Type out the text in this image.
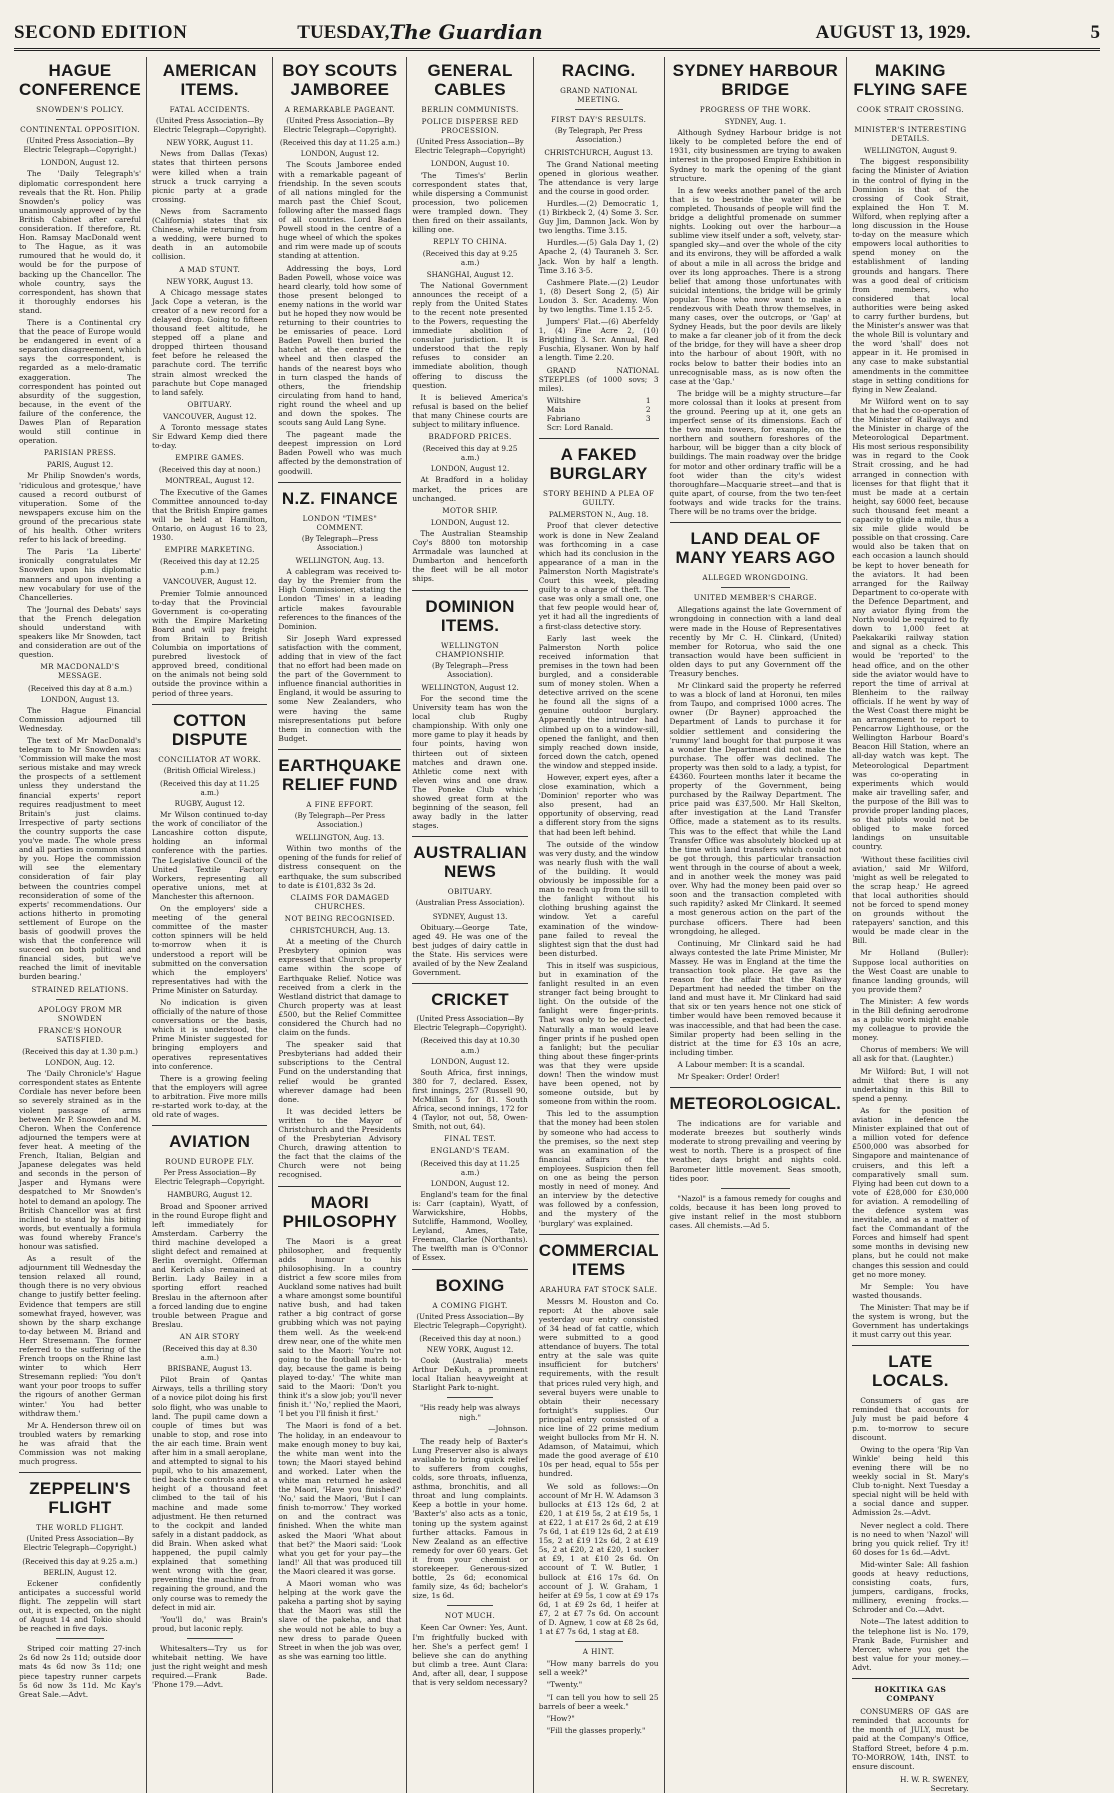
SECOND EDITION	TUESDAY, The Guardian	AUGUST 13, 1929.	5
HAGUE CONFERENCE
SNOWDEN'S POLICY.
CONTINENTAL OPPOSITION.
(United Press Association—By Electric Telegraph—Copyright.)
LONDON, August 12.

The 'Daily Telegraph's' diplomatic correspondent here reveals that the Rt. Hon. Philip Snowden's policy was unanimously approved of by the British Cabinet after careful consideration. If therefore, Rt. Hon. Ramsay MacDonald went to The Hague, as it was rumoured that he would do, it would be for the purpose of backing up the Chancellor. The whole country, says the correspondent, has shown that it thoroughly endorses his stand.

There is a Continental cry that the peace of Europe would be endangered in event of a separation disagreement, which says the correspondent, is regarded as a melo-dramatic exaggeration. The correspondent has pointed out absurdity of the suggestion, because, in the event of the failure of the conference, the Dawes Plan of Reparation would still continue in operation.

PARISIAN PRESS.
PARIS, August 12.

Mr Philip Snowden's words, 'ridiculous and grotesque,' have caused a record outburst of vituperation. Some of the newspapers excuse him on the ground of the precarious state of his health. Other writers refer to his lack of breeding.

The Paris 'La Liberte' ironically congratulates Mr Snowden upon his diplomatic manners and upon inventing a new vocabulary for use of the Chancelleries.

The 'Journal des Debats' says that the French delegation should understand with speakers like Mr Snowden, tact and consideration are out of the question.

MR MACDONALD'S MESSAGE.
(Received this day at 8 a.m.)
LONDON, August 13.

The Hague Financial Commission adjourned till Wednesday.

The text of Mr MacDonald's telegram to Mr Snowden was: 'Commission will make the most serious mistake and may wreck the prospects of a settlement unless they understand the financial experts' report requires readjustment to meet Britain's just claims. Irrespective of party sections the country supports the case you've made. The whole press and all parties in common stand by you. Hope the commission will see the elementary consideration of fair play between the countries compel reconsideration of some of the experts' recommendations. Our actions hitherto in promoting settlement of Europe on the basis of goodwill proves the wish that the conference will succeed on both political and financial sides, but we've reached the limit of inevitable burden bearing.'

STRAINED RELATIONS.
APOLOGY FROM MR SNOWDEN
FRANCE'S HONOUR SATISFIED.
(Received this day at 1.30 p.m.)
LONDON, Aug. 12.

The 'Daily Chronicle's' Hague correspondent states as Entente Cordiale has never before been so severely strained as in the violent passage of arms between Mr P. Snowden and M. Cheron. When the Conference adjourned the tempers were at fever heat. A meeting of the French, Italian, Belgian and Japanese delegates was held and seconds in the person of Jasper and Hymans were despatched to Mr Snowden's hotel to demand an apology. The British Chancellor was at first inclined to stand by his biting words, but eventually a formula was found whereby France's honour was satisfied.

As a result of the adjournment till Wednesday the tension relaxed all round, though there is no very obvious change to justify better feeling. Evidence that tempers are still somewhat frayed, however, was shown by the sharp exchange to-day between M. Briand and Herr Stresemann. The former referred to the suffering of the French troops on the Rhine last winter to which Herr Stresemann replied: 'You don't want your poor troops to suffer the rigours of another German winter.' You had better withdraw them.'

Mr A. Henderson threw oil on troubled waters by remarking he was afraid that the Commission was not making much progress.

ZEPPELIN'S FLIGHT
THE WORLD FLIGHT.
(United Press Association—By Electric Telegraph—Copyright.)
(Received this day at 9.25 a.m.)
BERLIN, August 12.

Eckener confidently anticipates a successful world flight. The zeppelin will start out, it is expected, on the night of August 14 and Tokio should be reached in five days.

Striped coir matting 27-inch 2s 6d now 2s 11d; outside door mats 4s 6d now 3s 11d; one piece tapestry runner carpets 5s 6d now 3s 11d. Mc Kay's Great Sale.—Advt.

AMERICAN ITEMS.
FATAL ACCIDENTS.
(United Press Association—By Electric Telegraph—Copyright).
NEW YORK, August 11.

News from Dallas (Texas) states that thirteen persons were killed when a train struck a truck carrying a picnic party at a grade crossing.

News from Sacramento (California) states that six Chinese, while returning from a wedding, were burned to death in an automobile collision.

A MAD STUNT.
NEW YORK, August 13.

A Chicago message states Jack Cope a veteran, is the creator of a new record for a delayed drop. Going to fifteen thousand feet altitude, he stepped off a plane and dropped thirteen thousand feet before he released the parachute cord. The terrific strain almost wrecked the parachute but Cope managed to land safely.

OBITUARY.
VANCOUVER, August 12.

A Toronto message states Sir Edward Kemp died there to-day.

EMPIRE GAMES.
(Received this day at noon.)
MONTREAL, August 12.

The Executive of the Games Committee announced to-day that the British Empire games will be held at Hamilton, Ontario, on August 16 to 23, 1930.

EMPIRE MARKETING.
(Received this day at 12.25 p.m.)
VANCOUVER, August 12.

Premier Tolmie announced to-day that the Provincial Government is co-operating with the Empire Marketing Board and will pay freight from Britain to British Columbia on importations of purebred livestock of approved breed, conditional on the animals not being sold outside the province within a period of three years.

COTTON DISPUTE
CONCILIATOR AT WORK.
(British Official Wireless.)
(Received this day at 11.25 a.m.)
RUGBY, August 12.

Mr Wilson continued to-day the work of conciliator of the Lancashire cotton dispute, holding an informal conference with the parties. The Legislative Council of the United Textile Factory Workers, representing all operative unions, met at Manchester this afternoon.

On the employers' side a meeting of the general committee of the master cotton spinners will be held to-morrow when it is understood a report will be submitted on the conversation which the employers' representatives had with the Prime Minister on Saturday.

No indication is given officially of the nature of those conversations or the basis, which it is understood, the Prime Minister suggested for bringing employers and operatives representatives into conference.

There is a growing feeling that the employers will agree to arbitration. Five more mills re-started work to-day, at the old rate of wages.

AVIATION
ROUND EUROPE FLY.
Per Press Association—By Electric Telegraph—Copyright.
HAMBURG, August 12.

Broad and Spooner arrived in the round Europe flight and left immediately for Amsterdam. Carberry the third machine developed a slight defect and remained at Berlin overnight. Offerman and Kerich also remained at Berlin. Lady Bailey in a sporting effort reached Breslau in the afternoon after a forced landing due to engine trouble between Prague and Breslau.

AN AIR STORY
(Received this day at 8.30 a.m.)
BRISBANE, August 13.

Pilot Brain of Qantas Airways, tells a thrilling story of a novice pilot doing his first solo flight, who was unable to land. The pupil came down a couple of times but was unable to stop, and rose into the air each time. Brain went after him in a small aeroplane, and attempted to signal to his pupil, who to his amazement, tied back the controls and at a height of a thousand feet climbed to the tail of his machine and made some adjustment. He then returned to the cockpit and landed safely in a distant paddock, as did Brain. When asked what happened, the pupil calmly explained that something went wrong with the gear, preventing the machine from regaining the ground, and the only course was to remedy the defect in mid air.

'You'll do,' was Brain's proud, but laconic reply.

Whitesalters—Try us for whitebait netting. We have just the right weight and mesh required.—Frank Bade. 'Phone 179.—Advt.

BOY SCOUTS JAMBOREE
A REMARKABLE PAGEANT.
(United Press Association—By Electric Telegraph—Copyright).
(Received this day at 11.25 a.m.)
LONDON, August 12.

The Scouts Jamboree ended with a remarkable pageant of friendship. In the seven scouts of all nations mingled for the march past the Chief Scout, following after the massed flags of all countries. Lord Baden Powell stood in the centre of a huge wheel of which the spokes and rim were made up of scouts standing at attention.

Addressing the boys, Lord Baden Powell, whose voice was heard clearly, told how some of those present belonged to enemy nations in the world war but he hoped they now would be returning to their countries to be emissaries of peace. Lord Baden Powell then buried the hatchet at the centre of the wheel and then clasped the hands of the nearest boys who in turn clasped the hands of others, the friendship circulating from hand to hand, right round the wheel and up and down the spokes. The scouts sang Auld Lang Syne.

The pageant made the deepest impression on Lord Baden Powell who was much affected by the demonstration of goodwill.

N.Z. FINANCE
LONDON "TIMES" COMMENT.
(By Telegraph—Press Association.)
WELLINGTON, Aug. 13.

A cablegram was received to-day by the Premier from the High Commissioner, stating the London 'Times' in a leading article makes favourable references to the finances of the Dominion.

Sir Joseph Ward expressed satisfaction with the comment, adding that in view of the fact that no effort had been made on the part of the Government to influence financial authorities in England, it would be assuring to some New Zealanders, who were having the same misrepresentations put before them in connection with the Budget.

EARTHQUAKE RELIEF FUND
A FINE EFFORT.
(By Telegraph—Per Press Association.)
WELLINGTON, Aug. 13.

Within two months of the opening of the funds for relief of distress consequent on the earthquake, the sum subscribed to date is £101,832 3s 2d.

CLAIMS FOR DAMAGED CHURCHES.
NOT BEING RECOGNISED.
CHRISTCHURCH, Aug. 13.

At a meeting of the Church Presbytery opinion was expressed that Church property came within the scope of Earthquake Relief. Notice was received from a clerk in the Westland district that damage to Church property was at least £500, but the Relief Committee considered the Church had no claim on the funds.

The speaker said that Presbyterians had added their subscriptions to the Central Fund on the understanding that relief would be granted wherever damage had been done.

It was decided letters be written to the Mayor of Christchurch and the Presidents of the Presbyterian Advisory Church, drawing attention to the fact that the claims of the Church were not being recognised.

MAORI PHILOSOPHY

The Maori is a great philosopher, and frequently adds humour to his philosophising. In a country district a few score miles from Auckland some natives had built a whare amongst some bountiful native bush, and had taken rather a big contract of gorse grubbing which was not paying them well. As the week-end drew near, one of the white men said to the Maori: 'You're not going to the football match to-day, because the game is being played to-day.' 'The white man said to the Maori: 'Don't you think it's a slow job; you'll never finish it.' 'No,' replied the Maori, 'I bet you I'll finish it first.'

The Maori is fond of a bet. The holiday, in an endeavour to make enough money to buy kai, the white man went into the town; the Maori stayed behind and worked. Later when the white man returned he asked the Maori, 'Have you finished?' 'No,' said the Maori, 'But I can finish to-morrow.' They worked on and the contract was finished. When the white man asked the Maori 'What about that bet?' the Maori said: 'Look what you get for your pay—the land!' All that was produced till the Maori cleared it was gorse.

A Maori woman who was helping at the work gave the pakeha a parting shot by saying that the Maori was still the slave of the pakeha, and that she would not be able to buy a new dress to parade Queen Street in when the job was over, as she was earning too little.

GENERAL CABLES
BERLIN COMMUNISTS.
POLICE DISPERSE RED PROCESSION.
(United Press Association—By Electric Telegraph—Copyright)
LONDON, August 10.

'The Times's' Berlin correspondent states that, while dispersing a Communist procession, two policemen were trampled down. They then fired on their assailants, killing one.

REPLY TO CHINA.
(Received this day at 9.25 a.m.)
SHANGHAI, August 12.

The National Government announces the receipt of a reply from the United States to the recent note presented to the Powers, requesting the immediate abolition of consular jurisdiction. It is understood that the reply refuses to consider an immediate abolition, though offering to discuss the question.

It is believed America's refusal is based on the belief that many Chinese courts are subject to military influence.

BRADFORD PRICES.
(Received this day at 9.25 a.m.)
LONDON, August 12.

At Bradford in a holiday market, the prices are unchanged.

MOTOR SHIP.
LONDON, August 12.

The Australian Steamship Coy's 8800 ton motorship Arrmadale was launched at Dumbarton and henceforth the fleet will be all motor ships.

DOMINION ITEMS.
WELLINGTON CHAMPIONSHIP.
(By Telegraph—Press Association).
WELLINGTON, August 12.

For the second time the University team has won the local club Rugby championship. With only one more game to play it heads by four points, having won thirteen out of sixteen matches and drawn one. Athletic come next with eleven wins and one draw. The Poneke Club which showed great form at the beginning of the season, fell away badly in the latter stages.

AUSTRALIAN NEWS
OBITUARY.
(Australian Press Association).
SYDNEY, August 13.

Obituary.—George Tate, aged 49. He was one of the best judges of dairy cattle in the State. His services were availed of by the New Zealand Government.

CRICKET
(United Press Association—By Electric Telegraph—Copyright).
(Received this day at 10.30 a.m.)
LONDON, August 12.

South Africa, first innings, 380 for 7, declared. Essex, first innings, 257 (Russell 90, McMillan 5 for 81. South Africa, second innings, 172 for 4 (Taylor, not out, 58, Owen-Smith, not out, 64).

FINAL TEST.
ENGLAND'S TEAM.
(Received this day at 11.25 a.m.)
LONDON, August 12.

England's team for the final is: Carr (captain), Wyatt, of Warwickshire, Hobbs, Sutcliffe, Hammond, Woolley, Leyland, Ames, Tate, Freeman, Clarke (Northants). The twelfth man is O'Connor of Essex.

BOXING
A COMING FIGHT.
(United Press Association—By Electric Telegraph—Copyright).
(Received this day at noon.)
NEW YORK, August 12.

Cook (Australia) meets Arthur DeKuh, a prominent local Italian heavyweight at Starlight Park to-night.

"His ready help was always nigh."
—Johnson.

The ready help of Baxter's Lung Preserver also is always available to bring quick relief to sufferers from coughs, colds, sore throats, influenza, asthma, bronchitis, and all throat and lung complaints. Keep a bottle in your home. 'Baxter's' also acts as a tonic, toning up the system against further attacks. Famous in New Zealand as an effective remedy for over 60 years. Get it from your chemist or storekeeper. Generous-sized bottle, 2s 6d; economical family size, 4s 6d; bachelor's size, 1s 6d.

NOT MUCH.

Keen Car Owner: Yes, Aunt. I'm frightfully bucked with her. She's a perfect gem! I believe she can do anything but climb a tree. Aunt Clara: And, after all, dear, I suppose that is very seldom necessary?

RACING.
GRAND NATIONAL MEETING.
FIRST DAY'S RESULTS.
(By Telegraph, Per Press Association.)
CHRISTCHURCH, August 13.

The Grand National meeting opened in glorious weather. The attendance is very large and the course in good order.

Hurdles.—(2) Democratic 1, (1) Birkbeck 2, (4) Some 3. Scr. Guy Jim, Damnon Jack. Won by two lengths. Time 3.15.

Hurdles.—(5) Gala Day 1, (2) Apache 2, (4) Tauraneh 3. Scr. Jack. Won by half a length. Time 3.16 3-5.

Cashmere Plate.—(2) Leudor 1, (8) Desert Song 2, (5) Air Loudon 3. Scr. Academy. Won by two lengths. Time 1.15 2-5.

Jumpers' Flat.—(6) Aberfeldy 1, (4) Fine Acre 2, (10) Brightling 3. Scr. Annual, Red Fuschia, Elysaner. Won by half a length. Time 2.20.

GRAND NATIONAL STEEPLES (of 1000 sovs; 3 miles).

Wiltshire	1
Maia	2
Fabriano	3

Scr: Lord Ranald.

A FAKED BURGLARY
STORY BEHIND A PLEA OF GUILTY.
PALMERSTON N., Aug. 18.

Proof that clever detective work is done in New Zealand was forthcoming in a case which had its conclusion in the appearance of a man in the Palmerston North Magistrate's Court this week, pleading guilty to a charge of theft. The case was only a small one, one that few people would hear of, yet it had all the ingredients of a first-class detective story.

Early last week the Palmerston North police received information that premises in the town had been burgled, and a considerable sum of money stolen. When a detective arrived on the scene he found all the signs of a genuine outdoor burglary. Apparently the intruder had climbed up on to a window-sill, opened the fanlight, and then simply reached down inside, forced down the catch, opened the window and stepped inside.

However, expert eyes, after a close examination, which a 'Dominion' reporter who was also present, had an opportunity of observing, read a different story from the signs that had been left behind.

The outside of the window was very dusty, and the window was nearly flush with the wall of the building. It would obviously be impossible for a man to reach up from the sill to the fanlight without his clothing brushing against the window. Yet a careful examination of the window-pane failed to reveal the slightest sign that the dust had been disturbed.

This in itself was suspicious, but in examination of the fanlight resulted in an even stranger fact being brought to light. On the outside of the fanlight were finger-prints. That was only to be expected. Naturally a man would leave finger prints if he pushed open a fanlight; but the peculiar thing about these finger-prints was that they were upside down! Then the window must have been opened, not by someone outside, but by someone from within the room.

This led to the assumption that the money had been stolen by someone who had access to the premises, so the next step was an examination of the financial affairs of the employees. Suspicion then fell on one as being the person mostly in need of money. And an interview by the detective was followed by a confession, and the mystery of the 'burglary' was explained.

COMMERCIAL ITEMS
ARAHURA FAT STOCK SALE.

Messrs M. Houston and Co. report: At the above sale yesterday our entry consisted of 34 head of fat cattle, which were submitted to a good attendance of buyers. The total entry at the sale was quite insufficient for butchers' requirements, with the result that prices ruled very high, and several buyers were unable to obtain their necessary fortnight's supplies. Our principal entry consisted of a nice line of 22 prime medium weight bullocks from Mr H. N. Adamson, of Mataimui, which made the good average of £10 10s per head, equal to 55s per hundred.

We sold as follows:—On account of Mr H. W. Adamson 3 bullocks at £13 12s 6d, 2 at £20, 1 at £19 5s, 2 at £19 5s, 1 at £22, 1 at £17 2s 6d, 2 at £19 7s 6d, 1 at £19 12s 6d, 2 at £19 15s, 2 at £19 12s 6d, 2 at £19 5s, 2 at £20, 2 at £20, 1 sucker at £9, 1 at £10 2s 6d. On account of T. W. Butler, 1 bullock at £16 17s 6d. On account of J. W. Graham, 1 heifer at £9 5s, 1 cow at £9 17s 6d, 1 at £9 2s 6d, 1 heifer at £7, 2 at £7 7s 6d. On account of D. Agnew, 1 cow at £8 2s 6d, 1 at £7 7s 6d, 1 stag at £8.

A HINT.

"How many barrels do you sell a week?"

"Twenty."

"I can tell you how to sell 25 barrels of beer a week."

"How?"

"Fill the glasses properly."

SYDNEY HARBOUR BRIDGE
PROGRESS OF THE WORK.
SYDNEY, Aug. 1.

Although Sydney Harbour bridge is not likely to be completed before the end of 1931, city businessmen are trying to awaken interest in the proposed Empire Exhibition in Sydney to mark the opening of the giant structure.

In a few weeks another panel of the arch that is to bestride the water will be completed. Thousands of people will find the bridge a delightful promenade on summer nights. Looking out over the harbour—a sublime view itself under a soft, velvety, star-spangled sky—and over the whole of the city and its environs, they will be afforded a walk of about a mile in all across the bridge and over its long approaches. There is a strong belief that among those unfortunates with suicidal intentions, the bridge will be grimly popular. Those who now want to make a rendezvous with Death throw themselves, in many cases, over the outcrops, or 'Gap' at Sydney Heads, but the poor devils are likely to make a far cleaner job of it from the deck of the bridge, for they will have a sheer drop into the harbour of about 190ft, with no rocks below to batter their bodies into an unrecognisable mass, as is now often the case at the 'Gap.'

The bridge will be a mighty structure—far more colossal than it looks at present from the ground. Peering up at it, one gets an imperfect sense of its dimensions. Each of the two main towers, for example, on the northern and southern foreshores of the harbour, will be bigger than a city block of buildings. The main roadway over the bridge for motor and other ordinary traffic will be a foot wider than the city's widest thoroughfare—Macquarie street—and that is quite apart, of course, from the two ten-feet footways and wide tracks for the trains. There will be no trams over the bridge.

LAND DEAL OF MANY YEARS AGO
ALLEGED WRONGDOING.
UNITED MEMBER'S CHARGE.

Allegations against the late Government of wrongdoing in connection with a land deal were made in the House of Representatives recently by Mr C. H. Clinkard, (United) member for Rotorua, who said the one transaction would have been sufficient in olden days to put any Government off the Treasury benches.

Mr Clinkard said the property he referred to was a block of land at Horonui, ten miles from Taupo, and comprised 1000 acres. The owner (Dr Bayner) approached the Department of Lands to purchase it for soldier settlement and considering the 'rummy' land bought for that purpose it was a wonder the Department did not make the purchase. The offer was declined. The property was then sold to a lady, a typist, for £4360. Fourteen months later it became the property of the Government, being purchased by the Railway Department. The price paid was £37,500. Mr Hall Skelton, after investigation at the Land Transfer Office, made a statement as to its results. This was to the effect that while the Land Transfer Office was absolutely blocked up at the time with land transfers which could not be got through, this particular transaction went through in the course of about a week, and in another week the money was paid over. Why had the money been paid over so soon and the transaction completed with such rapidity? asked Mr Clinkard. It seemed a most generous action on the part of the purchase officers. There had been wrongdoing, he alleged.

Continuing, Mr Clinkard said he had always contested the late Prime Minister, Mr Massey. He was in England at the time the transaction took place. He gave as the reason for the affair that the Railway Department had needed the timber on the land and must have it. Mr Clinkard had said that six or ten years hence not one stick of timber would have been removed because it was inaccessible, and that had been the case. Similar property had been selling in the district at the time for £3 10s an acre, including timber.

A Labour member: It is a scandal.

Mr Speaker: Order! Order!

METEOROLOGICAL.

The indications are for variable and moderate breezes but southerly winds moderate to strong prevailing and veering by west to north. There is a prospect of fine weather, days bright and nights cold. Barometer little movement. Seas smooth, tides poor.

"Nazol" is a famous remedy for coughs and colds, because it has been long proved to give instant relief in the most stubborn cases. All chemists.—Ad 5.

MAKING FLYING SAFE
COOK STRAIT CROSSING.
MINISTER'S INTERESTING DETAILS.
WELLINGTON, August 9.

The biggest responsibility facing the Minister of Aviation in the control of flying in the Dominion is that of the crossing of Cook Strait, explained the Hon T. M. Wilford, when replying after a long discussion in the House to-day on the measure which empowers local authorities to spend money on the establishment of landing grounds and hangars. There was a good deal of criticism from members, who considered that local authorities were being asked to carry further burdens, but the Minister's answer was that the whole Bill is voluntary and the word 'shall' does not appear in it. He promised in any case to make substantial amendments in the committee stage in setting conditions for flying in New Zealand.

Mr Wilford went on to say that he had the co-operation of the Minister of Railways and the Minister in charge of the Meteorological Department. His most serious responsibility was in regard to the Cook Strait crossing, and he had arranged in connection with licenses for that flight that it must be made at a certain height, say 6000 feet, because such thousand feet meant a capacity to glide a mile, thus a six mile glide would be possible on that crossing. Care would also be taken that on each occasion a launch should be kept to hover beneath for the aviators. It had been arranged for the Railway Department to co-operate with the Defence Department, and any aviator flying from the North would be required to fly down to 1,000 feet at Paekakariki railway station and signal as a check. This would be 'reported' to the head office, and on the other side the aviator would have to report the time of arrival at Blenheim to the railway officials. If he went by way of the West Coast there might be an arrangement to report to Pencarrow Lighthouse, or the Wellington Harbour Board's Beacon Hill Station, where an all-day watch was kept. The Meteorological Department was co-operating in experiments which would make air travelling safer, and the purpose of the Bill was to provide proper landing places, so that pilots would not be obliged to make forced landings on unsuitable country.

'Without these facilities civil aviation,' said Mr Wilford, 'might as well be relegated to the scrap heap.' He agreed that local authorities should not be forced to spend money on grounds without the ratepayers' sanction, and this would be made clear in the Bill.

Mr Holland (Buller): Suppose local authorities on the West Coast are unable to finance landing grounds, will you provide them?

The Minister: A few words in the Bill defining aerodrome as a public work might enable my colleague to provide the money.

Chorus of members: We will all ask for that. (Laughter.)

Mr Wilford: But, I will not admit that there is any undertaking in this Bill to spend a penny.

As for the position of aviation in defence the Minister explained that out of a million voted for defence £500,000 was absorbed for Singapore and maintenance of cruisers, and this left a comparatively small sum. Flying had been cut down to a vote of £28,000 for £30,000 for aviation. A remodelling of the defence system was inevitable, and as a matter of fact the Commandant of the Forces and himself had spent some months in devising new plans, but he could not make changes this session and could get no more money.

Mr Semple: You have wasted thousands.

The Minister: That may be if the system is wrong, but the Government has undertakings it must carry out this year.

LATE LOCALS.

Consumers of gas are reminded that accounts for July must be paid before 4 p.m. to-morrow to secure discount.

Owing to the opera 'Rip Van Winkle' being held this evening there will be no weekly social in St. Mary's Club to-night. Next Tuesday a special night will be held with a social dance and supper. Admission 2s.—Advt.

Never neglect a cold. There is no need to when 'Nazol' will bring you quick relief. Try it! 60 doses for 1s 6d.—Advt.

Mid-winter Sale: All fashion goods at heavy reductions, consisting coats, furs, jumpers, cardigans, frocks, millinery, evening frocks.—Schroder and Co.—Advt.

Note—The latest addition to the telephone list is No. 179, Frank Bade, Furnisher and Mercer, where you get the best value for your money.—Advt.

HOKITIKA GAS COMPANY

CONSUMERS OF GAS are reminded that accounts for the month of JULY, must be paid at the Company's Office, Stafford Street, before 4 p.m. TO-MORROW, 14th, INST. to ensure discount.

H. W. R. SWENEY,
Secretary.
